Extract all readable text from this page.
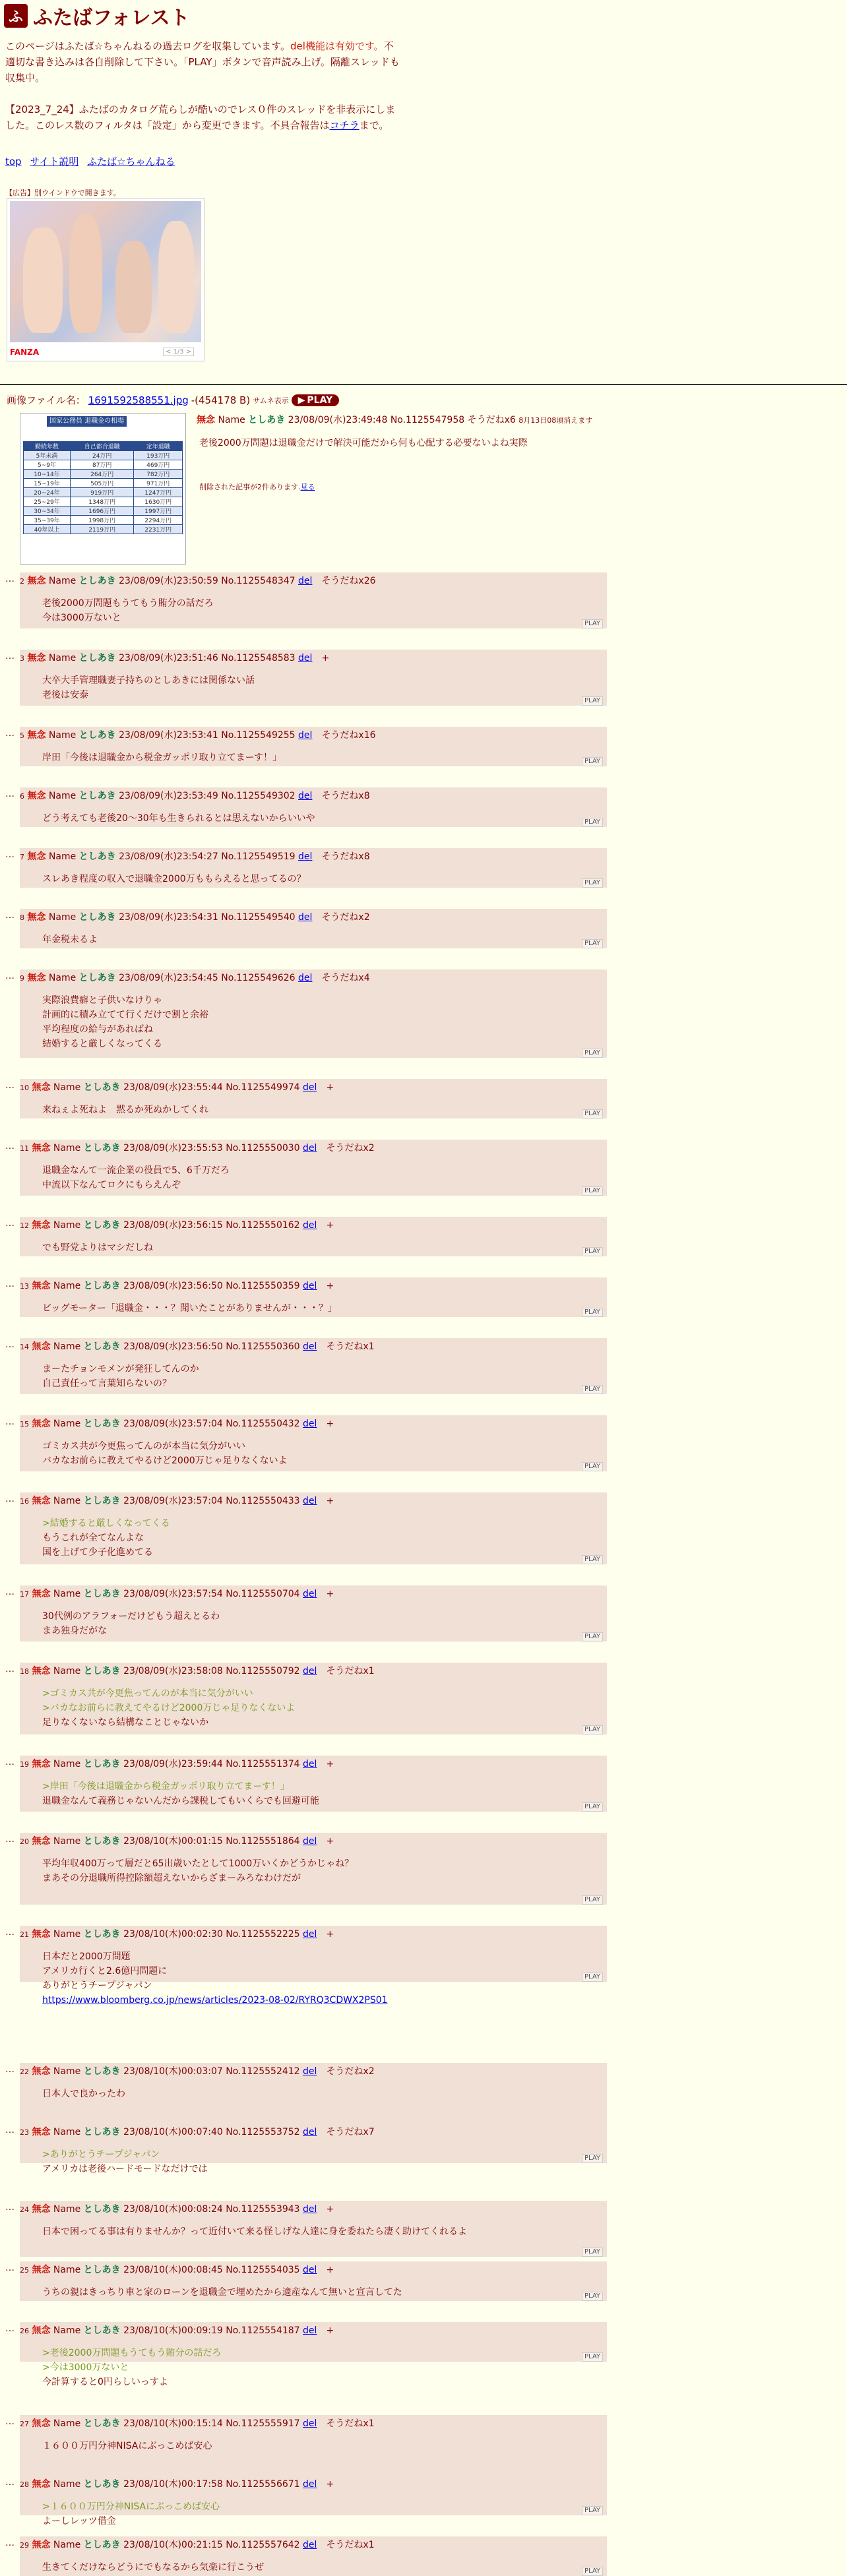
ふ ふたばフォレスト

このページはふたば☆ちゃんねるの過去ログを収集しています。del機能は有効です。不適切な書き込みは各自削除して下さい。「PLAY」ボタンで音声読み上げ。隔離スレッドも収集中。

【2023_7_24】ふたばのカタログ荒らしが酷いのでレス０件のスレッドを非表示にしました。このレス数のフィルタは「設定」から変更できます。不具合報告はコチラまで。

top サイト説明 ふたば☆ちゃんねる
【広告】別ウインドウで開きます。
FANZA	< 1/3 >
画像ファイル名： 1691592588551.jpg -(454178 B) サムネ表示 ▶ PLAY
国家公務員 退職金の相場
勤続年数	自己都合退職	定年退職
5年未満	24万円	193万円
5~9年	87万円	469万円
10~14年	264万円	782万円
15~19年	505万円	971万円
20~24年	919万円	1247万円
25~29年	1348万円	1630万円
30~34年	1696万円	1997万円
35~39年	1998万円	2294万円
40年以上	2119万円	2231万円
無念 Name としあき 23/08/09(水)23:49:48 No.1125547958 そうだねx6 8月13日08頃消えます
老後2000万問題は退職金だけで解決可能だから何も心配する必要ないよね実際
削除された記事が2件あります.見る
… 2 無念 Name としあき 23/08/09(水)23:50:59 No.1125548347 del　 そうだねx26
老後2000万問題もうてもう賄分の話だろ
今は3000万ないと
PLAY
… 3 無念 Name としあき 23/08/09(水)23:51:46 No.1125548583 del　 +
大卒大手管理職妻子持ちのとしあきには関係ない話
老後は安泰
PLAY
… 5 無念 Name としあき 23/08/09(水)23:53:41 No.1125549255 del　 そうだねx16
岸田「今後は退職金から税金ガッポリ取り立てまーす！」	PLAY
… 6 無念 Name としあき 23/08/09(水)23:53:49 No.1125549302 del　 そうだねx8
どう考えても老後20〜30年も生きられるとは思えないからいいや	PLAY
… 7 無念 Name としあき 23/08/09(水)23:54:27 No.1125549519 del　 そうだねx8
スレあき程度の収入で退職金2000万ももらえると思ってるの？	PLAY
… 8 無念 Name としあき 23/08/09(水)23:54:31 No.1125549540 del　 そうだねx2
年金税未るよ	PLAY
… 9 無念 Name としあき 23/08/09(水)23:54:45 No.1125549626 del　 そうだねx4
実際浪費癖と子供いなけりゃ
計画的に積み立てて行くだけで割と余裕
平均程度の給与があればね
結婚すると厳しくなってくる
PLAY
… 10 無念 Name としあき 23/08/09(水)23:55:44 No.1125549974 del　 +
来ねぇよ死ねよ　黙るか死ぬかしてくれ	PLAY
… 11 無念 Name としあき 23/08/09(水)23:55:53 No.1125550030 del　 そうだねx2
退職金なんて一流企業の役員で5、6千万だろ
中流以下なんてロクにもらえんぞ
PLAY
… 12 無念 Name としあき 23/08/09(水)23:56:15 No.1125550162 del　 +
でも野党よりはマシだしね	PLAY
… 13 無念 Name としあき 23/08/09(水)23:56:50 No.1125550359 del　 +
ビッグモーター「退職金・・・？聞いたことがありませんが・・・？」	PLAY
… 14 無念 Name としあき 23/08/09(水)23:56:50 No.1125550360 del　 そうだねx1
まーたチョンモメンが発狂してんのか
自己責任って言葉知らないの？
PLAY
… 15 無念 Name としあき 23/08/09(水)23:57:04 No.1125550432 del　 +
ゴミカス共が今更焦ってんのが本当に気分がいい
バカなお前らに教えてやるけど2000万じゃ足りなくないよ
PLAY
… 16 無念 Name としあき 23/08/09(水)23:57:04 No.1125550433 del　 +
>結婚すると厳しくなってくる
もうこれが全てなんよな
国を上げて少子化進めてる
PLAY
… 17 無念 Name としあき 23/08/09(水)23:57:54 No.1125550704 del　 +
30代例のアラフォーだけどもう超えとるわ
まあ独身だがな
PLAY
… 18 無念 Name としあき 23/08/09(水)23:58:08 No.1125550792 del　 そうだねx1
>ゴミカス共が今更焦ってんのが本当に気分がいい
>バカなお前らに教えてやるけど2000万じゃ足りなくないよ
足りなくないなら結構なことじゃないか
PLAY
… 19 無念 Name としあき 23/08/09(水)23:59:44 No.1125551374 del　 +
>岸田「今後は退職金から税金ガッポリ取り立てまーす！」
退職金なんて義務じゃないんだから課税してもいくらでも回避可能
PLAY
… 20 無念 Name としあき 23/08/10(木)00:01:15 No.1125551864 del　 +
平均年収400万って層だと65出歳いたとして1000万いくかどうかじゃね？
まあその分退職所得控除額超えないからざまーみろなわけだが
PLAY
… 21 無念 Name としあき 23/08/10(木)00:02:30 No.1125552225 del　 +
日本だと2000万問題
アメリカ行くと2.6億円問題に
ありがとうチープジャパン
https://www.bloomberg.co.jp/news/articles/2023-08-02/RYRQ3CDWX2PS01
PLAY
… 22 無念 Name としあき 23/08/10(木)00:03:07 No.1125552412 del　 そうだねx2
日本人で良かったわ
… 23 無念 Name としあき 23/08/10(木)00:07:40 No.1125553752 del　 そうだねx7
>ありがとうチープジャパン
アメリカは老後ハードモードなだけでは
PLAY
… 24 無念 Name としあき 23/08/10(木)00:08:24 No.1125553943 del　 +
日本で困ってる事は有りませんか？って近付いて来る怪しげな人達に身を委ねたら凄く助けてくれるよ
PLAY
… 25 無念 Name としあき 23/08/10(木)00:08:45 No.1125554035 del　 +
うちの親はきっちり車と家のローンを退職金で埋めたから適産なんて無いと宣言してた	PLAY
… 26 無念 Name としあき 23/08/10(木)00:09:19 No.1125554187 del　 +
>老後2000万問題もうてもう賄分の話だろ
>今は3000万ないと
今計算すると0円らしいっすよ
PLAY
… 27 無念 Name としあき 23/08/10(木)00:15:14 No.1125555917 del　 そうだねx1
１６００万円分神NISAにぶっこめば安心
… 28 無念 Name としあき 23/08/10(木)00:17:58 No.1125556671 del　 +
>１６００万円分神NISAにぶっこめば安心
よーしレッツ借金
PLAY
… 29 無念 Name としあき 23/08/10(木)00:21:15 No.1125557642 del　 そうだねx1
生きてくだけならどうにでもなるから気楽に行こうぜ	PLAY
